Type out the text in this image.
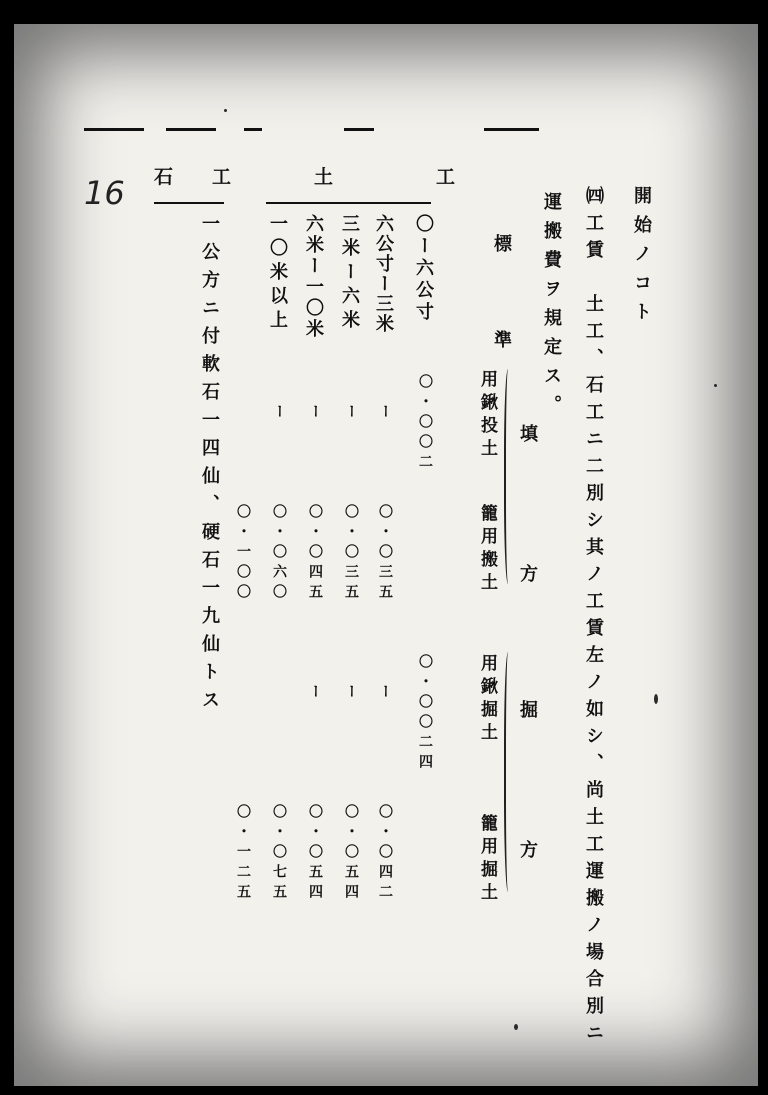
16	開始ノコト
㈣工賃　土工、石工ニ二別シ其ノ工賃左ノ如シ、尚土工運搬ノ場合別ニ
運搬費ヲ規定ス。
標　準
填　方
用鍬投土
籠用搬土
掘　方
用鍬掘土
籠用掘土
土　工
石　工
〇ー六公寸
六公寸ー三米
三米ー六米
六米ー一〇米
一〇米以上
〇・〇〇二
ー
ー
ー
ー
〇・〇三五
〇・〇三五
〇・〇四五
〇・〇六〇
〇・一〇〇
〇・〇〇二四
ー
ー
ー
〇・〇四二
〇・〇五四
〇・〇五四
〇・〇七五
〇・一二五
一公方ニ付軟石一四仙、硬石一九仙トス
